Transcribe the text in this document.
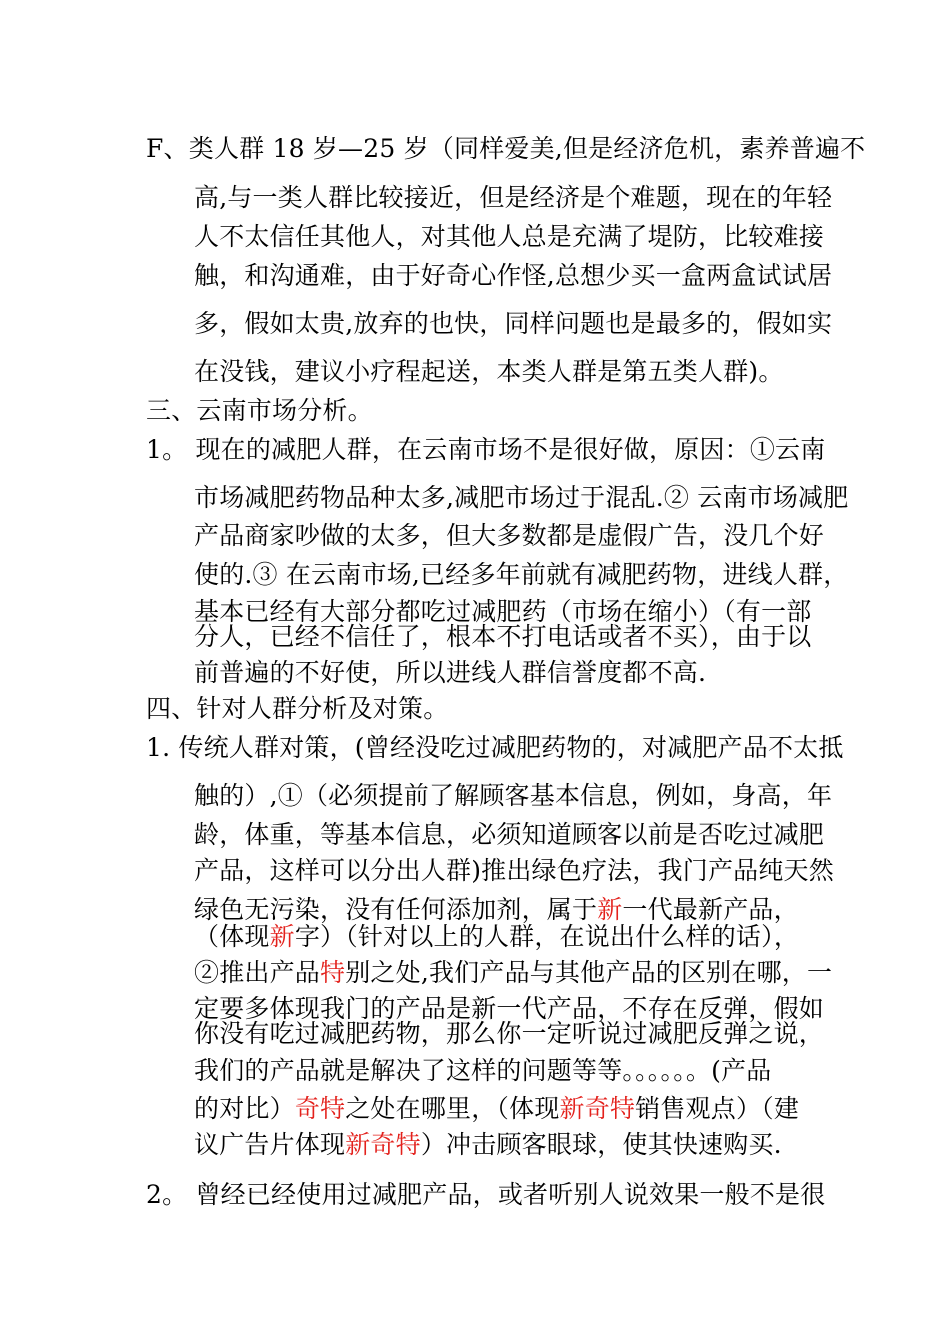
F、类人群 18 岁—25 岁（同样爱美,但是经济危机，素养普遍不
高,与一类人群比较接近，但是经济是个难题，现在的年轻
人不太信任其他人，对其他人总是充满了堤防，比较难接
触，和沟通难，由于好奇心作怪,总想少买一盒两盒试试居
多，假如太贵,放弃的也快，同样问题也是最多的，假如实
在没钱，建议小疗程起送，本类人群是第五类人群)。
三、云南市场分析。
1。 现在的减肥人群，在云南市场不是很好做，原因：①云南
市场减肥药物品种太多,减肥市场过于混乱.② 云南市场减肥
产品商家吵做的太多，但大多数都是虚假广告，没几个好
使的.③ 在云南市场,已经多年前就有减肥药物，进线人群，
基本已经有大部分都吃过减肥药（市场在缩小）（有一部
分人，已经不信任了，根本不打电话或者不买），由于以
前普遍的不好使，所以进线人群信誉度都不高.
四、针对人群分析及对策。
1. 传统人群对策，(曾经没吃过减肥药物的，对减肥产品不太抵
触的）,①（必须提前了解顾客基本信息，例如，身高，年
龄，体重，等基本信息，必须知道顾客以前是否吃过减肥
产品，这样可以分出人群)推出绿色疗法，我门产品纯天然
绿色无污染，没有任何添加剂，属于新一代最新产品，
（体现新字）（针对以上的人群，在说出什么样的话），
②推出产品特别之处,我们产品与其他产品的区别在哪，一
定要多体现我门的产品是新一代产品，不存在反弹，假如
你没有吃过减肥药物，那么你一定听说过减肥反弹之说，
我们的产品就是解决了这样的问题等等。。。。。。(产品
的对比）奇特之处在哪里，（体现新奇特销售观点）（建
议广告片体现新奇特）冲击顾客眼球，使其快速购买.
2。 曾经已经使用过减肥产品，或者听别人说效果一般不是很
